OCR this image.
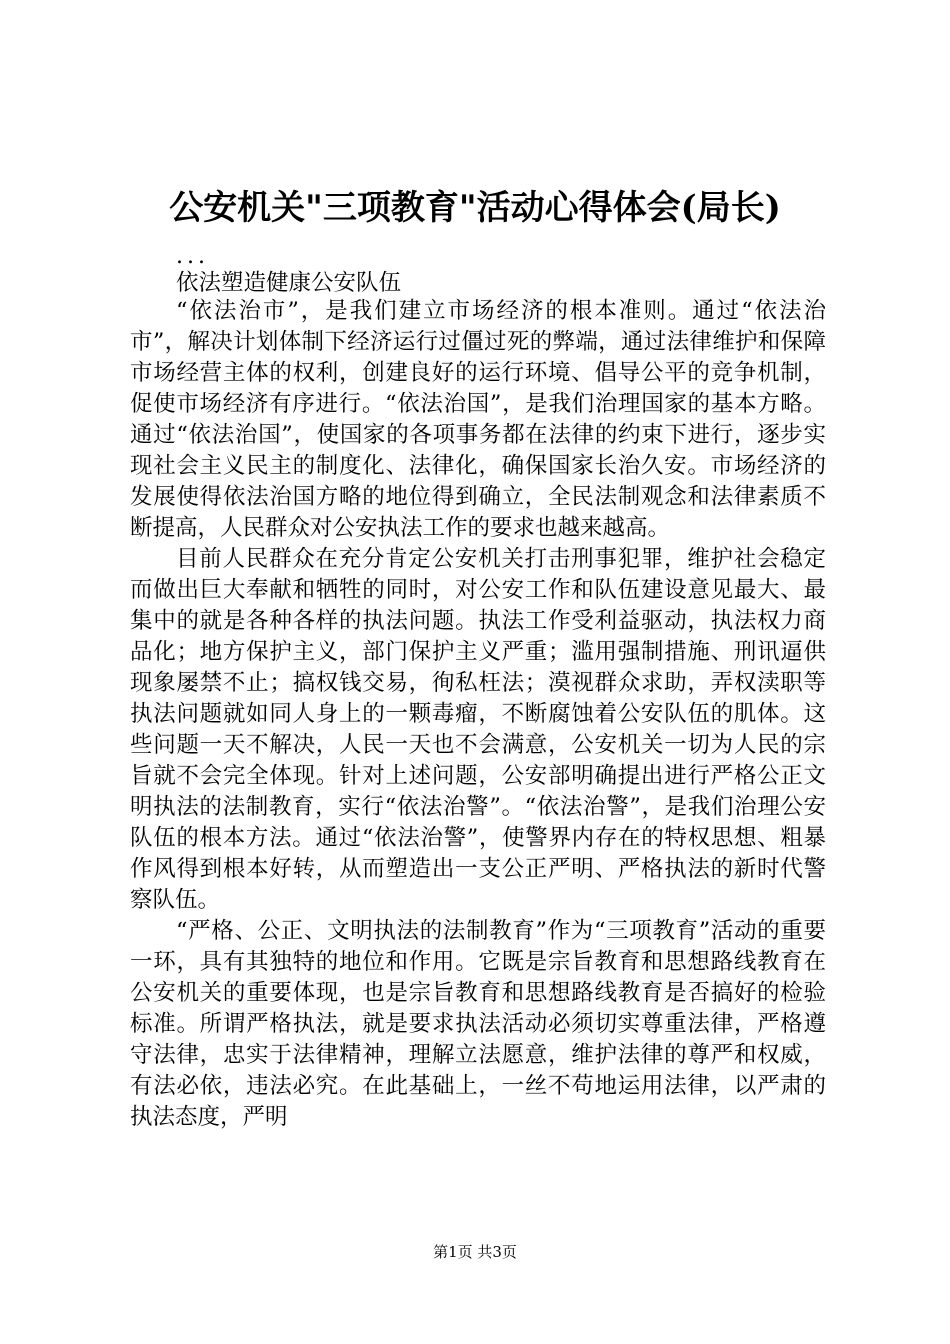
公安机关"三项教育"活动心得体会(局长)
...
依法塑造健康公安队伍

“依法治市”，是我们建立市场经济的根本准则。通过“依法治市”，解决计划体制下经济运行过僵过死的弊端，通过法律维护和保障市场经营主体的权利，创建良好的运行环境、倡导公平的竞争机制，促使市场经济有序进行。“依法治国”，是我们治理国家的基本方略。通过“依法治国”，使国家的各项事务都在法律的约束下进行，逐步实现社会主义民主的制度化、法律化，确保国家长治久安。市场经济的发展使得依法治国方略的地位得到确立，全民法制观念和法律素质不断提高，人民群众对公安执法工作的要求也越来越高。

目前人民群众在充分肯定公安机关打击刑事犯罪，维护社会稳定而做出巨大奉献和牺牲的同时，对公安工作和队伍建设意见最大、最集中的就是各种各样的执法问题。执法工作受利益驱动，执法权力商品化；地方保护主义，部门保护主义严重；滥用强制措施、刑讯逼供现象屡禁不止；搞权钱交易，徇私枉法；漠视群众求助，弄权渎职等执法问题就如同人身上的一颗毒瘤，不断腐蚀着公安队伍的肌体。这些问题一天不解决，人民一天也不会满意，公安机关一切为人民的宗旨就不会完全体现。针对上述问题，公安部明确提出进行严格公正文明执法的法制教育，实行“依法治警”。“依法治警”，是我们治理公安队伍的根本方法。通过“依法治警”，使警界内存在的特权思想、粗暴作风得到根本好转，从而塑造出一支公正严明、严格执法的新时代警察队伍。

“严格、公正、文明执法的法制教育”作为“三项教育”活动的重要一环，具有其独特的地位和作用。它既是宗旨教育和思想路线教育在公安机关的重要体现，也是宗旨教育和思想路线教育是否搞好的检验标准。所谓严格执法，就是要求执法活动必须切实尊重法律，严格遵守法律，忠实于法律精神，理解立法愿意，维护法律的尊严和权威，有法必依，违法必究。在此基础上，一丝不苟地运用法律，以严肃的执法态度，严明

第1页 共3页
